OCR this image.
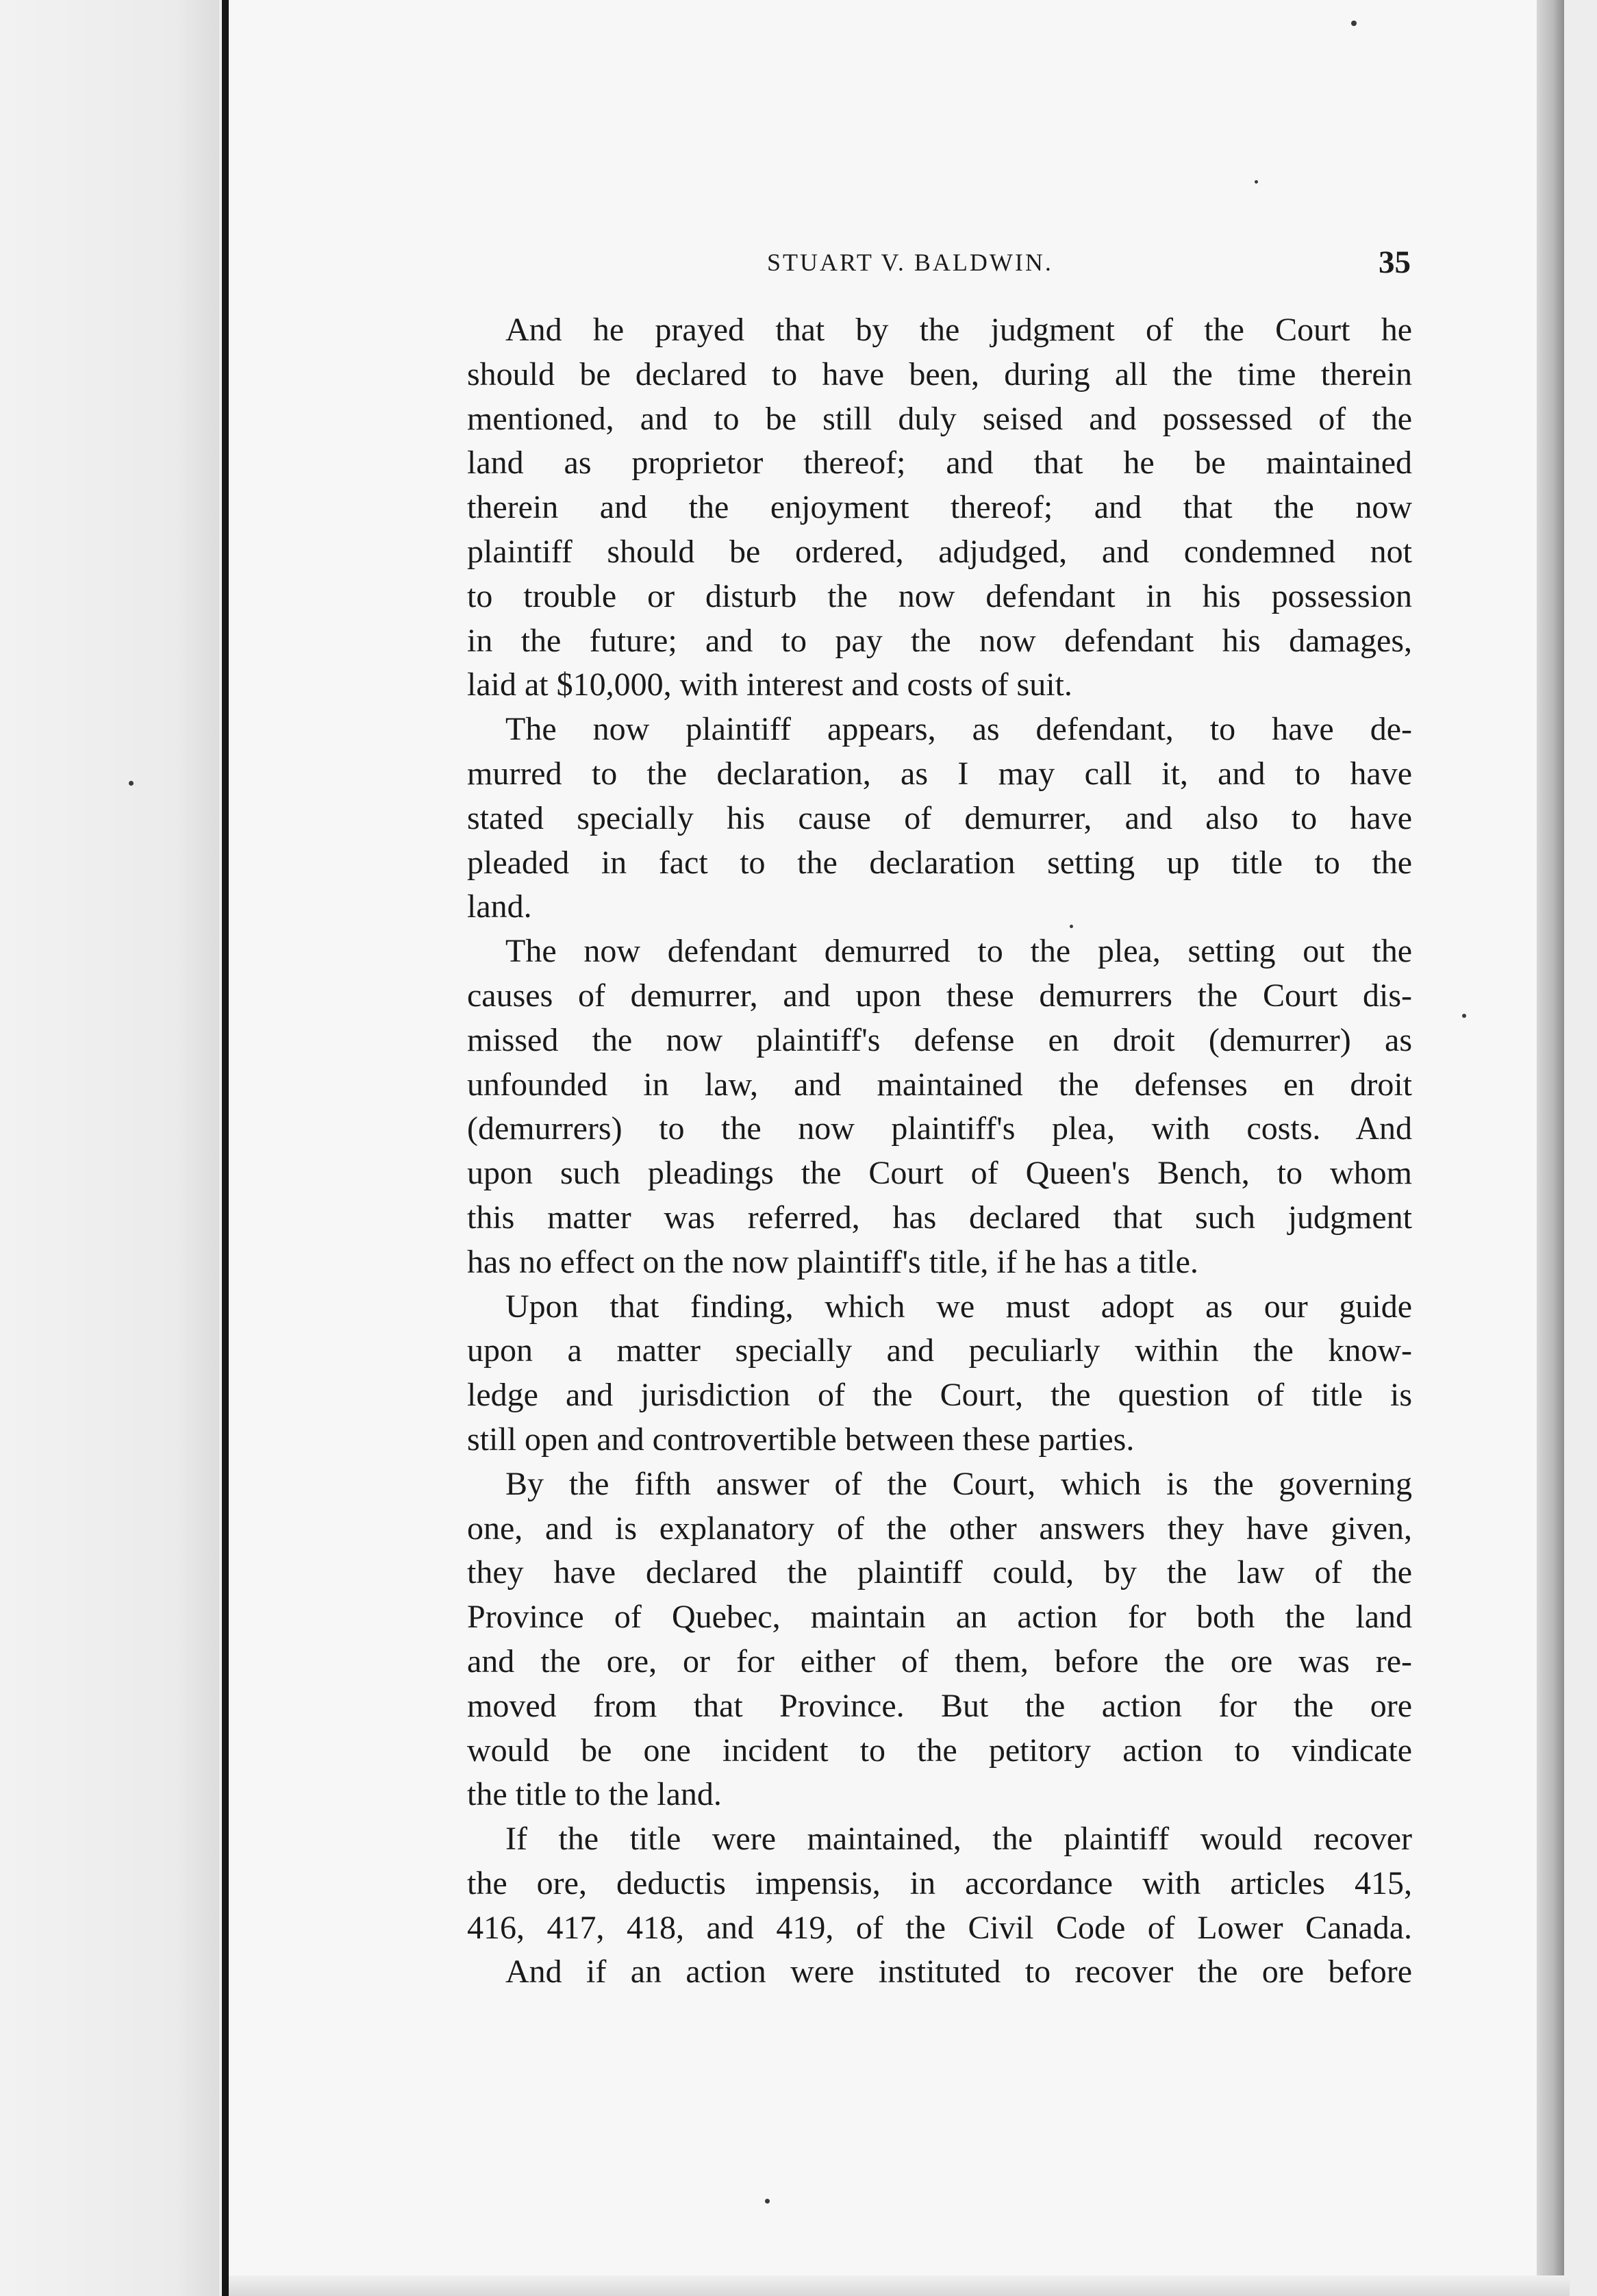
STUART V. BALDWIN.	35
And he prayed that by the judgment of the Court he
should be declared to have been, during all the time therein
mentioned, and to be still duly seised and possessed of the
land as proprietor thereof; and that he be maintained
therein and the enjoyment thereof; and that the now
plaintiff should be ordered, adjudged, and condemned not
to trouble or disturb the now defendant in his possession
in the future; and to pay the now defendant his damages,
laid at $10,000, with interest and costs of suit.
The now plaintiff appears, as defendant, to have de-
murred to the declaration, as I may call it, and to have
stated specially his cause of demurrer, and also to have
pleaded in fact to the declaration setting up title to the
land.
The now defendant demurred to the plea, setting out the
causes of demurrer, and upon these demurrers the Court dis-
missed the now plaintiff's defense en droit (demurrer) as
unfounded in law, and maintained the defenses en droit
(demurrers) to the now plaintiff's plea, with costs. And
upon such pleadings the Court of Queen's Bench, to whom
this matter was referred, has declared that such judgment
has no effect on the now plaintiff's title, if he has a title.
Upon that finding, which we must adopt as our guide
upon a matter specially and peculiarly within the know-
ledge and jurisdiction of the Court, the question of title is
still open and controvertible between these parties.
By the fifth answer of the Court, which is the governing
one, and is explanatory of the other answers they have given,
they have declared the plaintiff could, by the law of the
Province of Quebec, maintain an action for both the land
and the ore, or for either of them, before the ore was re-
moved from that Province. But the action for the ore
would be one incident to the petitory action to vindicate
the title to the land.
If the title were maintained, the plaintiff would recover
the ore, deductis impensis, in accordance with articles 415,
416, 417, 418, and 419, of the Civil Code of Lower Canada.
And if an action were instituted to recover the ore before
